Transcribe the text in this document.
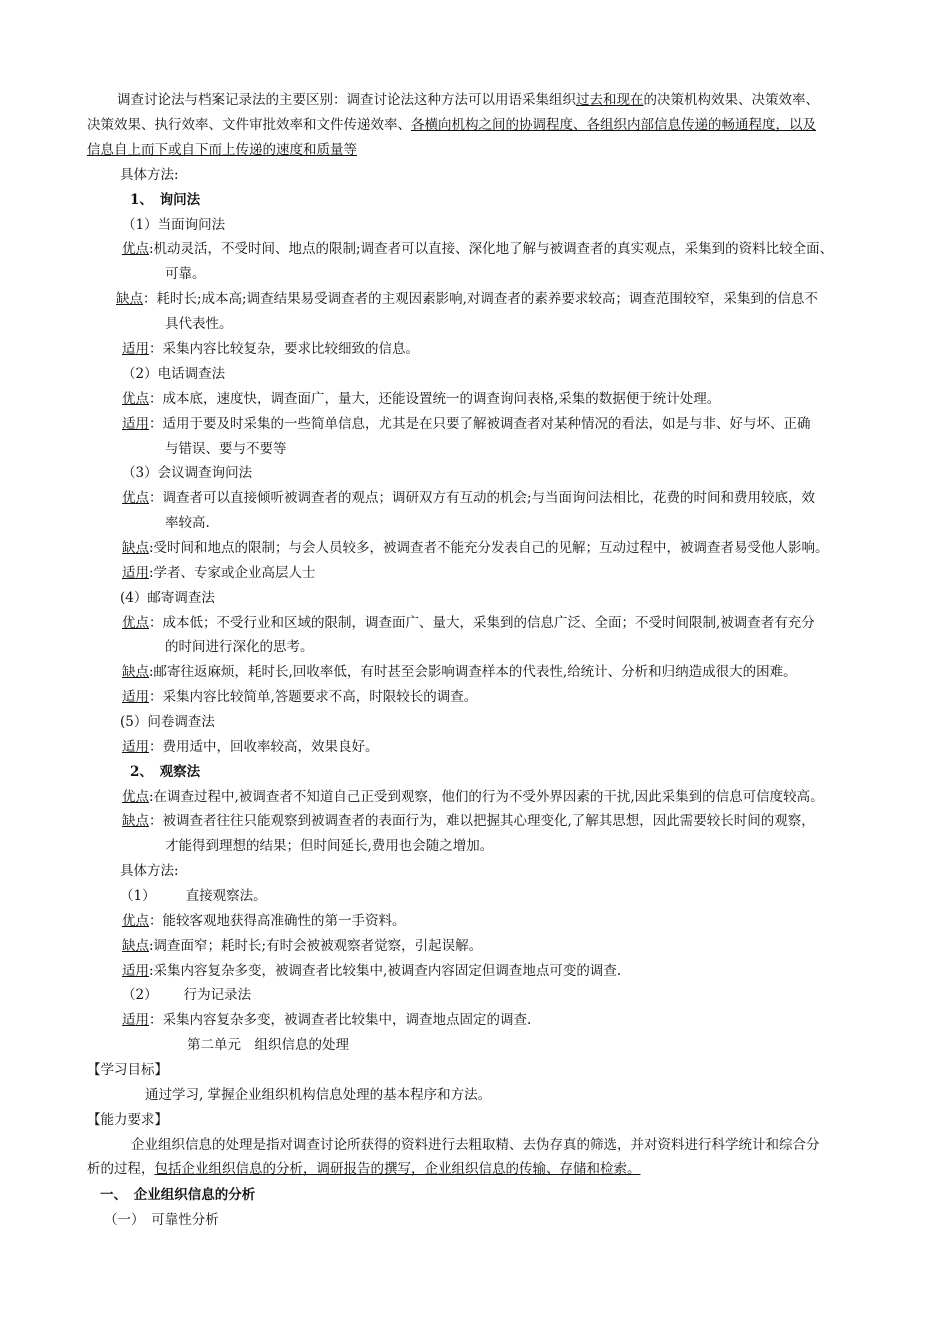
调查讨论法与档案记录法的主要区别：调查讨论法这种方法可以用语采集组织过去和现在的决策机构效果、决策效率、
决策效果、执行效率、文件审批效率和文件传递效率、各横向机构之间的协调程度、各组织内部信息传递的畅通程度，以及
信息自上而下或自下而上传递的速度和质量等
具体方法:
1、　询问法
（1）当面询问法
优点:机动灵活，不受时间、地点的限制;调查者可以直接、深化地了解与被调查者的真实观点，采集到的资料比较全面、
可靠。
缺点：耗时长;成本高;调查结果易受调查者的主观因素影响,对调查者的素养要求较高；调查范围较窄，采集到的信息不
具代表性。
适用：采集内容比较复杂，要求比较细致的信息。
（2）电话调查法
优点：成本底，速度快，调查面广，量大，还能设置统一的调查询问表格,采集的数据便于统计处理。
适用：适用于要及时采集的一些简单信息，尤其是在只要了解被调查者对某种情况的看法，如是与非、好与坏、正确
与错误、要与不要等
（3）会议调查询问法
优点：调查者可以直接倾听被调查者的观点；调研双方有互动的机会;与当面询问法相比，花费的时间和费用较底，效
率较高.
缺点:受时间和地点的限制；与会人员较多，被调查者不能充分发表自己的见解；互动过程中，被调查者易受他人影响。
适用:学者、专家或企业高层人士
(4）邮寄调查法
优点：成本低；不受行业和区域的限制，调查面广、量大，采集到的信息广泛、全面；不受时间限制,被调查者有充分
的时间进行深化的思考。
缺点:邮寄往返麻烦，耗时长,回收率低，有时甚至会影响调查样本的代表性,给统计、分析和归纳造成很大的困难。
适用：采集内容比较简单,答题要求不高，时限较长的调查。
(5）问卷调查法
适用：费用适中，回收率较高，效果良好。
2、　观察法
优点:在调查过程中,被调查者不知道自己正受到观察，他们的行为不受外界因素的干扰,因此采集到的信息可信度较高。
缺点：被调查者往往只能观察到被调查者的表面行为，难以把握其心理变化,了解其思想，因此需要较长时间的观察，
才能得到理想的结果；但时间延长,费用也会随之增加。
具体方法:
（1） 直接观察法。
优点：能较客观地获得高准确性的第一手资料。
缺点:调查面窄；耗时长;有时会被被观察者觉察，引起误解。
适用:采集内容复杂多变，被调查者比较集中,被调查内容固定但调查地点可变的调查.
（2） 行为记录法
适用：采集内容复杂多变，被调查者比较集中，调查地点固定的调查.
第二单元　组织信息的处理
【学习目标】
通过学习, 掌握企业组织机构信息处理的基本程序和方法。
【能力要求】
企业组织信息的处理是指对调查讨论所获得的资料进行去粗取精、去伪存真的筛选，并对资料进行科学统计和综合分
析的过程，包括企业组织信息的分析，调研报告的撰写，企业组织信息的传输、存储和检索。
一、　企业组织信息的分析
（一）　可靠性分析
